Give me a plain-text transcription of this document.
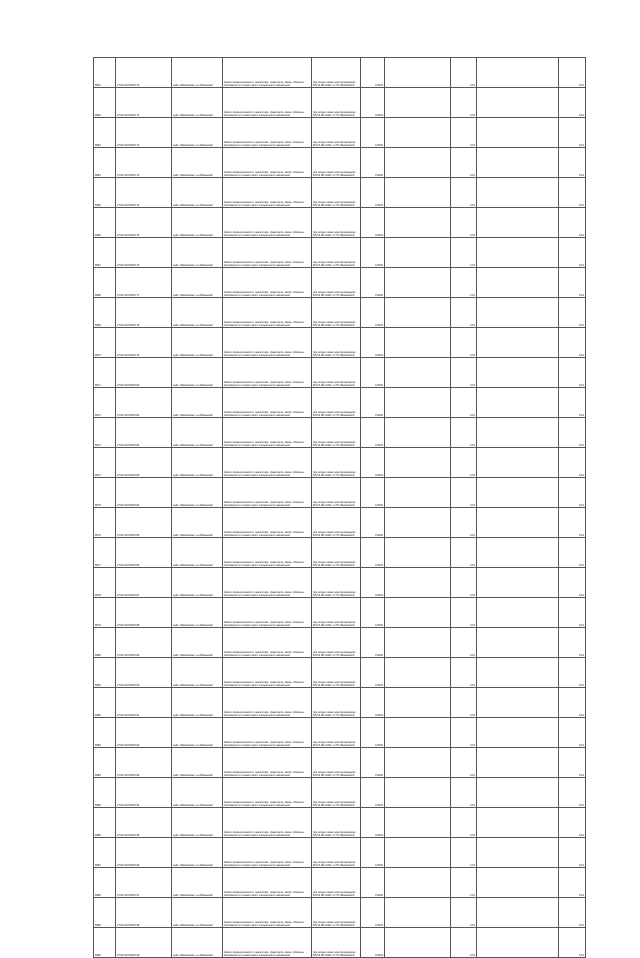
8961	27:02:0107029:170	хабр. Ивановская, р-н Бикинский	Земли промышленности, энергетики, транспорта, связи, обороны, безопасности и земли иного специального назначения	под опоры линии электропередачи ВЛ-10 кВ №101 от ПС Ивановской	0,0004		0,13		0,14
8962	27:02:0107029:171	хабр. Ивановская, р-н Бикинский	Земли промышленности, энергетики, транспорта, связи, обороны, безопасности и земли иного специального назначения	под опоры линии электропередачи ВЛ-10 кВ №101 от ПС Ивановской	0,0004		0,13		0,14
8963	27:02:0107029:172	хабр. Ивановская, р-н Бикинский	Земли промышленности, энергетики, транспорта, связи, обороны, безопасности и земли иного специального назначения	под опоры линии электропередачи ВЛ-10 кВ №101 от ПС Ивановской	0,0004		0,13		0,14
8964	27:02:0107029:173	хабр. Ивановская, р-н Бикинский	Земли промышленности, энергетики, транспорта, связи, обороны, безопасности и земли иного специального назначения	под опоры линии электропередачи ВЛ-10 кВ №101 от ПС Ивановской	0,0004		0,13		0,14
8965	27:02:0107029:174	хабр. Ивановская, р-н Бикинский	Земли промышленности, энергетики, транспорта, связи, обороны, безопасности и земли иного специального назначения	под опоры линии электропередачи ВЛ-10 кВ №101 от ПС Ивановской	0,0004		0,13		0,14
8966	27:02:0107029:175	хабр. Ивановская, р-н Бикинский	Земли промышленности, энергетики, транспорта, связи, обороны, безопасности и земли иного специального назначения	под опоры линии электропередачи ВЛ-10 кВ №101 от ПС Ивановской	0,0004		0,13		0,14
8967	27:02:0107029:176	хабр. Ивановская, р-н Бикинский	Земли промышленности, энергетики, транспорта, связи, обороны, безопасности и земли иного специального назначения	под опоры линии электропередачи ВЛ-10 кВ №101 от ПС Ивановской	0,0004		2,13		0,14
8968	27:02:0107029:177	хабр. Ивановская, р-н Бикинский	Земли промышленности, энергетики, транспорта, связи, обороны, безопасности и земли иного специального назначения	под опоры линии электропередачи ВЛ-10 кВ №101 от ПС Ивановской	0,0004		2,13		0,14
8969	27:02:0107029:178	хабр. Ивановская, р-н Бикинский	Земли промышленности, энергетики, транспорта, связи, обороны, безопасности и земли иного специального назначения	под опоры линии электропередачи ВЛ-10 кВ №101 от ПС Ивановской	0,0004		0,13		0,14
8970	27:02:0107029:179	хабр. Ивановская, р-н Бикинский	Земли промышленности, энергетики, транспорта, связи, обороны, безопасности и земли иного специального назначения	под опоры линии электропередачи ВЛ-10 кВ №101 от ПС Ивановской	0,0004		0,13		0,14
8971	27:02:0107029:180	хабр. Ивановская, р-н Бикинский	Земли промышленности, энергетики, транспорта, связи, обороны, безопасности и земли иного специального назначения	под опоры линии электропередачи ВЛ-10 кВ №101 от ПС Ивановской	0,0004		0,13		0,14
8972	27:02:0107029:181	хабр. Ивановская, р-н Бикинский	Земли промышленности, энергетики, транспорта, связи, обороны, безопасности и земли иного специального назначения	под опоры линии электропередачи ВЛ-10 кВ №101 от ПС Ивановской	0,0004		0,13		0,14
8973	27:02:0107029:182	хабр. Ивановская, р-н Бикинский	Земли промышленности, энергетики, транспорта, связи, обороны, безопасности и земли иного специального назначения	под опоры линии электропередачи ВЛ-10 кВ №101 от ПС Ивановской	0,0004		2,13		0,14
8974	27:02:0107029:183	хабр. Ивановская, р-н Бикинский	Земли промышленности, энергетики, транспорта, связи, обороны, безопасности и земли иного специального назначения	под опоры линии электропередачи ВЛ-10 кВ №101 от ПС Ивановской	0,0004		2,13		0,14
8975	27:02:0107029:184	хабр. Ивановская, р-н Бикинский	Земли промышленности, энергетики, транспорта, связи, обороны, безопасности и земли иного специального назначения	под опоры линии электропередачи ВЛ-10 кВ №101 от ПС Ивановской	0,0004		0,13		0,14
8976	27:02:0107029:185	хабр. Ивановская, р-н Бикинский	Земли промышленности, энергетики, транспорта, связи, обороны, безопасности и земли иного специального назначения	под опоры линии электропередачи ВЛ-10 кВ №101 от ПС Ивановской	0,0004		0,13		0,14
8977	27:02:0107029:186	хабр. Ивановская, р-н Бикинский	Земли промышленности, энергетики, транспорта, связи, обороны, безопасности и земли иного специального назначения	под опоры линии электропередачи ВЛ-10 кВ №101 от ПС Ивановской	0,0004		0,13		0,14
8978	27:02:0107029:187	хабр. Ивановская, р-н Бикинский	Земли промышленности, энергетики, транспорта, связи, обороны, безопасности и земли иного специального назначения	под опоры линии электропередачи ВЛ-10 кВ №101 от ПС Ивановской	0,0004		0,13		0,14
8979	27:02:0107029:188	хабр. Ивановская, р-н Бикинский	Земли промышленности, энергетики, транспорта, связи, обороны, безопасности и земли иного специального назначения	под опоры линии электропередачи ВЛ-10 кВ №101 от ПС Ивановской	0,0004		0,13		0,14
8980	27:02:0107029:189	хабр. Ивановская, р-н Бикинский	Земли промышленности, энергетики, транспорта, связи, обороны, безопасности и земли иного специального назначения	под опоры линии электропередачи ВЛ-10 кВ №101 от ПС Ивановской	0,0004		0,13		0,14
8981	27:02:0107029:190	хабр. Ивановская, р-н Бикинский	Земли промышленности, энергетики, транспорта, связи, обороны, безопасности и земли иного специального назначения	под опоры линии электропередачи ВЛ-10 кВ №101 от ПС Ивановской	0,0004		0,13		0,14
8982	27:02:0107029:191	хабр. Ивановская, р-н Бикинский	Земли промышленности, энергетики, транспорта, связи, обороны, безопасности и земли иного специального назначения	под опоры линии электропередачи ВЛ-10 кВ №101 от ПС Ивановской	0,0004		0,13		0,14
8983	27:02:0107029:192	хабр. Ивановская, р-н Бикинский	Земли промышленности, энергетики, транспорта, связи, обороны, безопасности и земли иного специального назначения	под опоры линии электропередачи ВЛ-10 кВ №101 от ПС Ивановской	0,0004		0,13		0,14
8984	27:02:0107029:193	хабр. Ивановская, р-н Бикинский	Земли промышленности, энергетики, транспорта, связи, обороны, безопасности и земли иного специального назначения	под опоры линии электропередачи ВЛ-10 кВ №101 от ПС Ивановской	0,0004		0,13		0,14
8985	27:02:0107029:194	хабр. Ивановская, р-н Бикинский	Земли промышленности, энергетики, транспорта, связи, обороны, безопасности и земли иного специального назначения	под опоры линии электропередачи ВЛ-10 кВ №101 от ПС Ивановской	0,0004		0,13		0,14
8986	27:02:0107029:195	хабр. Ивановская, р-н Бикинский	Земли промышленности, энергетики, транспорта, связи, обороны, безопасности и земли иного специального назначения	под опоры линии электропередачи ВЛ-10 кВ №101 от ПС Ивановской	0,0004		0,13		0,14
8987	27:02:0107029:196	хабр. Ивановская, р-н Бикинский	Земли промышленности, энергетики, транспорта, связи, обороны, безопасности и земли иного специального назначения	под опоры линии электропередачи ВЛ-10 кВ №101 от ПС Ивановской	0,0004		2,13		0,14
8988	27:02:0107029:197	хабр. Ивановская, р-н Бикинский	Земли промышленности, энергетики, транспорта, связи, обороны, безопасности и земли иного специального назначения	под опоры линии электропередачи ВЛ-10 кВ №101 от ПС Ивановской	0,0004		2,13		0,14
8989	27:02:0107029:198	хабр. Ивановская, р-н Бикинский	Земли промышленности, энергетики, транспорта, связи, обороны, безопасности и земли иного специального назначения	под опоры линии электропередачи ВЛ-10 кВ №101 от ПС Ивановской	0,0004		0,13		0,14
8990	27:02:0107029:199	хабр. Ивановская, р-н Бикинский	Земли промышленности, энергетики, транспорта, связи, обороны, безопасности и земли иного специального назначения	под опоры линии электропередачи ВЛ-10 кВ №101 от ПС Ивановской	0,0004		0,13		0,14
